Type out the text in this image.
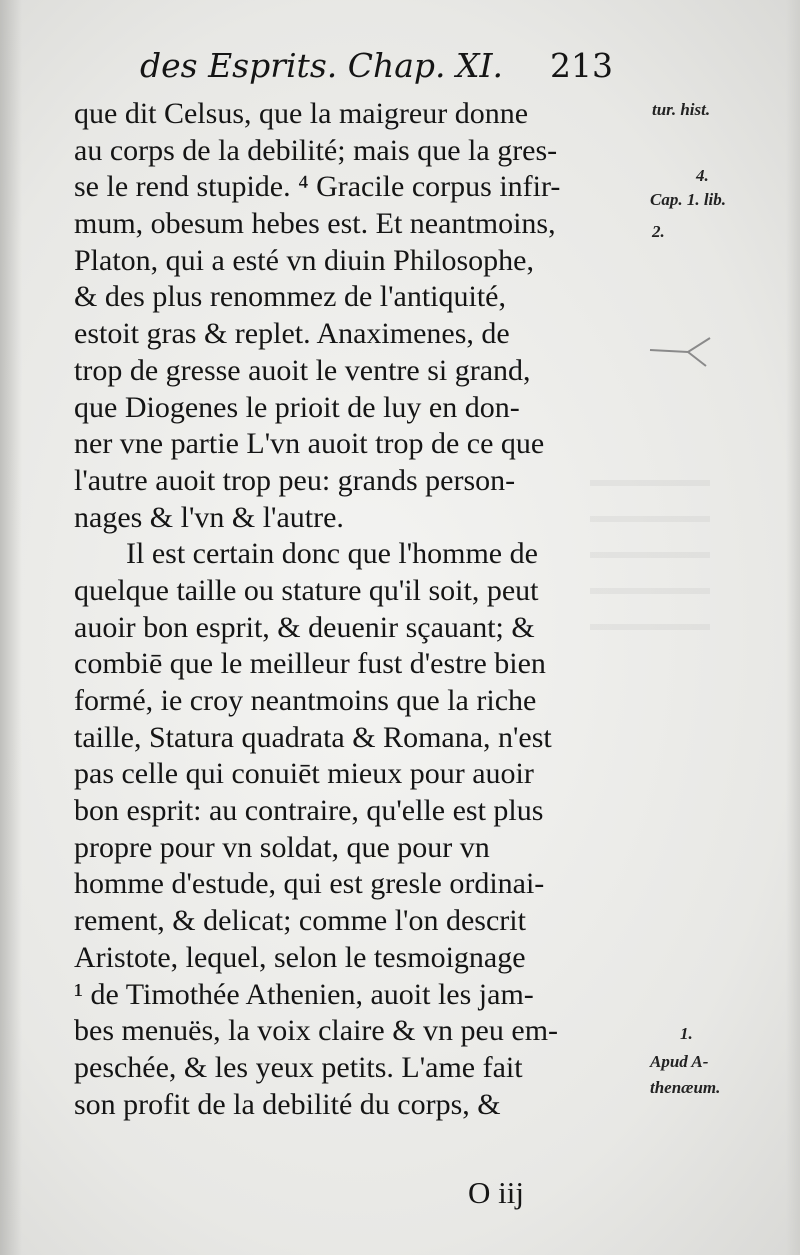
des Esprits. Chap. XI. 213
que dit Celsus, que la maigreur donne
au corps de la debilité; mais que la gres-
se le rend stupide. ⁴ Gracile corpus infir-
mum, obesum hebes est. Et neantmoins,
Platon, qui a esté vn diuin Philosophe,
& des plus renommez de l'antiquité,
estoit gras & replet. Anaximenes, de
trop de gresse auoit le ventre si grand,
que Diogenes le prioit de luy en don-
ner vne partie L'vn auoit trop de ce que
l'autre auoit trop peu: grands person-
nages & l'vn & l'autre.
Il est certain donc que l'homme de
quelque taille ou stature qu'il soit, peut
auoir bon esprit, & deuenir sçauant; &
combiē que le meilleur fust d'estre bien
formé, ie croy neantmoins que la riche
taille, Statura quadrata & Romana, n'est
pas celle qui conuiēt mieux pour auoir
bon esprit: au contraire, qu'elle est plus
propre pour vn soldat, que pour vn
homme d'estude, qui est gresle ordinai-
rement, & delicat; comme l'on descrit
Aristote, lequel, selon le tesmoignage
¹ de Timothée Athenien, auoit les jam-
bes menuës, la voix claire & vn peu em-
peschée, & les yeux petits. L'ame fait
son profit de la debilité du corps, &
tur. hist.
4.
Cap. 1. lib.
2.
1.
Apud A-
thenæum.
O iij
